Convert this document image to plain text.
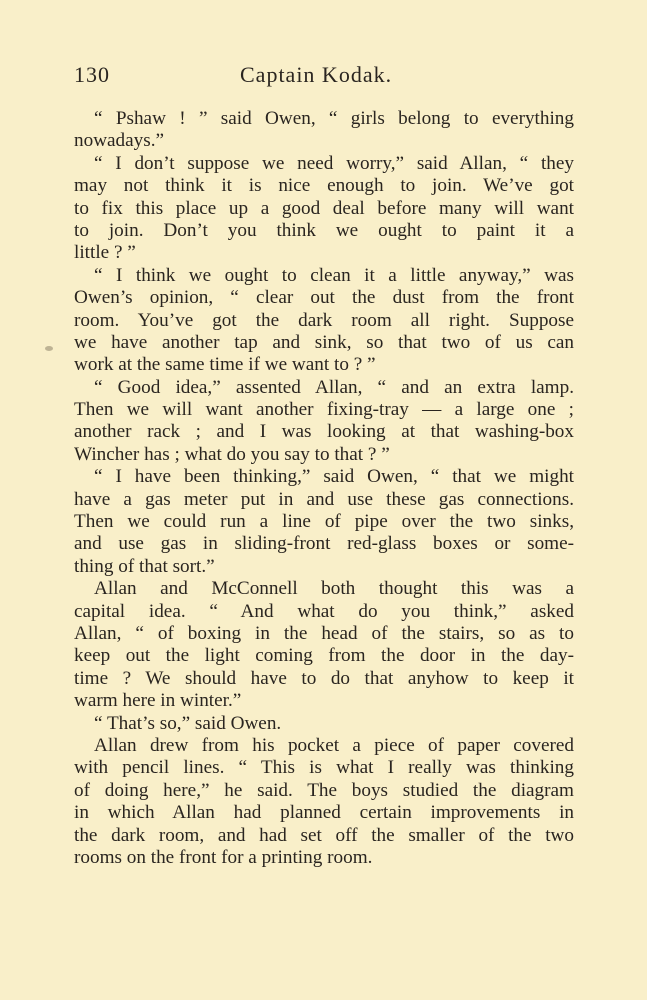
130	Captain Kodak.
“ Pshaw ! ” said Owen, “ girls belong to everything
nowadays.”
“ I don’t suppose we need worry,” said Allan, “ they
may not think it is nice enough to join. We’ve got
to fix this place up a good deal before many will want
to join. Don’t you think we ought to paint it a
little ? ”
“ I think we ought to clean it a little anyway,” was
Owen’s opinion, “ clear out the dust from the front
room. You’ve got the dark room all right. Suppose
we have another tap and sink, so that two of us can
work at the same time if we want to ? ”
“ Good idea,” assented Allan, “ and an extra lamp.
Then we will want another fixing-tray — a large one ;
another rack ; and I was looking at that washing-box
Wincher has ; what do you say to that ? ”
“ I have been thinking,” said Owen, “ that we might
have a gas meter put in and use these gas connections.
Then we could run a line of pipe over the two sinks,
and use gas in sliding-front red-glass boxes or some-
thing of that sort.”
Allan and McConnell both thought this was a
capital idea. “ And what do you think,” asked
Allan, “ of boxing in the head of the stairs, so as to
keep out the light coming from the door in the day-
time ? We should have to do that anyhow to keep it
warm here in winter.”
“ That’s so,” said Owen.
Allan drew from his pocket a piece of paper covered
with pencil lines. “ This is what I really was thinking
of doing here,” he said. The boys studied the diagram
in which Allan had planned certain improvements in
the dark room, and had set off the smaller of the two
rooms on the front for a printing room.
